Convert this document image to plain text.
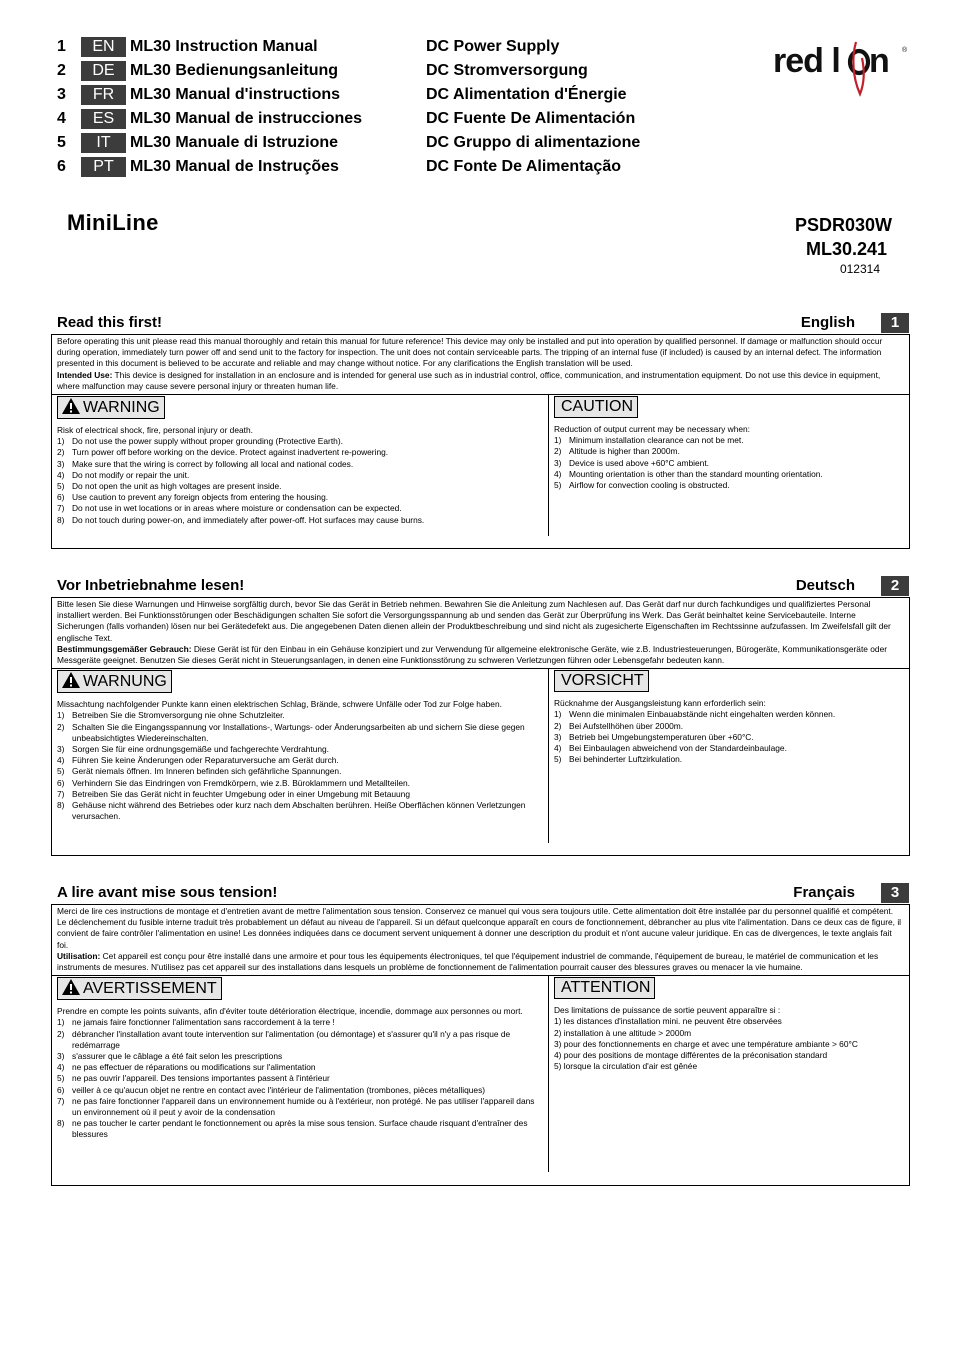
1	EN ML30 Instruction Manual	DC Power Supply
2	DE ML30 Bedienungsanleitung	DC Stromversorgung
3	FR ML30 Manual d'instructions	DC Alimentation d'Énergie
4	ES ML30 Manual de instrucciones	DC Fuente De Alimentación
5	IT	ML30 Manuale di Istruzione	DC Gruppo di alimentazione
6	PT	ML30 Manual de Instruções	DC Fonte De Alimentação
red l n ®
MiniLine	PSDR030W
ML30.241
012314
Read this first!	English	1

Before operating this unit please read this manual thoroughly and retain this manual for future reference! This device may only be installed and put into operation by qualified personnel. If damage or malfunction should occur during operation, immediately turn power off and send unit to the factory for inspection. The unit does not contain serviceable parts. The tripping of an internal fuse (if included) is caused by an internal defect. The information presented in this document is believed to be accurate and reliable and may change without notice. For any clarifications the English translation will be used.

Intended Use: This device is designed for installation in an enclosure and is intended for general use such as in industrial control, office, communication, and instrumentation equipment. Do not use this device in equipment, where malfunction may cause severe personal injury or threaten human life.

WARNING

Risk of electrical shock, fire, personal injury or death.

1) Do not use the power supply without proper grounding (Protective Earth).
2) Turn power off before working on the device. Protect against inadvertent re-powering.
3) Make sure that the wiring is correct by following all local and national codes.
4) Do not modify or repair the unit.
5) Do not open the unit as high voltages are present inside.
6) Use caution to prevent any foreign objects from entering the housing.
7) Do not use in wet locations or in areas where moisture or condensation can be expected.
8) Do not touch during power-on, and immediately after power-off. Hot surfaces may cause burns.
CAUTION

Reduction of output current may be necessary when:

1) Minimum installation clearance can not be met.
2) Altitude is higher than 2000m.
3) Device is used above +60°C ambient.
4) Mounting orientation is other than the standard mounting orientation.
5) Airflow for convection cooling is obstructed.
Vor Inbetriebnahme lesen!	Deutsch	2

Bitte lesen Sie diese Warnungen und Hinweise sorgfältig durch, bevor Sie das Gerät in Betrieb nehmen. Bewahren Sie die Anleitung zum Nachlesen auf. Das Gerät darf nur durch fachkundiges und qualifiziertes Personal installiert werden. Bei Funktionsstörungen oder Beschädigungen schalten Sie sofort die Versorgungsspannung ab und senden das Gerät zur Überprüfung ins Werk. Das Gerät beinhaltet keine Servicebauteile. Interne Sicherungen (falls vorhanden) lösen nur bei Gerätedefekt aus. Die angegebenen Daten dienen allein der Produktbeschreibung und sind nicht als zugesicherte Eigenschaften im Rechtssinne aufzufassen. Im Zweifelsfall gilt der englische Text.

Bestimmungsgemäßer Gebrauch: Diese Gerät ist für den Einbau in ein Gehäuse konzipiert und zur Verwendung für allgemeine elektronische Geräte, wie z.B. Industriesteuerungen, Bürogeräte, Kommunikationsgeräte oder Messgeräte geeignet. Benutzen Sie dieses Gerät nicht in Steuerungsanlagen, in denen eine Funktionsstörung zu schweren Verletzungen führen oder Lebensgefahr bedeuten kann.

WARNUNG

Missachtung nachfolgender Punkte kann einen elektrischen Schlag, Brände, schwere Unfälle oder Tod zur Folge haben.

1) Betreiben Sie die Stromversorgung nie ohne Schutzleiter.
2) Schalten Sie die Eingangsspannung vor Installations-, Wartungs- oder Änderungsarbeiten ab und sichern Sie diese gegen unbeabsichtigtes Wiedereinschalten.
3) Sorgen Sie für eine ordnungsgemäße und fachgerechte Verdrahtung.
4) Führen Sie keine Änderungen oder Reparaturversuche am Gerät durch.
5) Gerät niemals öffnen. Im Inneren befinden sich gefährliche Spannungen.
6) Verhindern Sie das Eindringen von Fremdkörpern, wie z.B. Büroklammern und Metallteilen.
7) Betreiben Sie das Gerät nicht in feuchter Umgebung oder in einer Umgebung mit Betauung
8) Gehäuse nicht während des Betriebes oder kurz nach dem Abschalten berühren. Heiße Oberflächen können Verletzungen verursachen.
VORSICHT

Rücknahme der Ausgangsleistung kann erforderlich sein:

1) Wenn die minimalen Einbauabstände nicht eingehalten werden können.
2) Bei Aufstellhöhen über 2000m.
3) Betrieb bei Umgebungstemperaturen über +60°C.
4) Bei Einbaulagen abweichend von der Standardeinbaulage.
5) Bei behinderter Luftzirkulation.
A lire avant mise sous tension!	Français	3

Merci de lire ces instructions de montage et d'entretien avant de mettre l'alimentation sous tension. Conservez ce manuel qui vous sera toujours utile. Cette alimentation doit être installée par du personnel qualifié et compétent. Le déclenchement du fusible interne traduit très probablement un défaut au niveau de l'appareil. Si un défaut quelconque apparaît en cours de fonctionnement, débrancher au plus vite l'alimentation. Dans ce deux cas de figure, il convient de faire contrôler l'alimentation en usine! Les données indiquées dans ce document servent uniquement à donner une description du produit et n'ont aucune valeur juridique. En cas de divergences, le texte anglais fait foi.

Utilisation: Cet appareil est conçu pour être installé dans une armoire et pour tous les équipements électroniques, tel que l'équipement industriel de commande, l'équipement de bureau, le matériel de communication et les instruments de mesures. N'utilisez pas cet appareil sur des installations dans lesquels un problème de fonctionnement de l'alimentation pourrait causer des blessures graves ou menacer la vie humaine.

AVERTISSEMENT

Prendre en compte les points suivants, afin d'éviter toute détérioration électrique, incendie, dommage aux personnes ou mort.

1) ne jamais faire fonctionner l'alimentation sans raccordement à la terre !
2) débrancher l'installation avant toute intervention sur l'alimentation (ou démontage) et s'assurer qu'il n'y a pas risque de redémarrage
3) s'assurer que le câblage a été fait selon les prescriptions
4) ne pas effectuer de réparations ou modifications sur l'alimentation
5) ne pas ouvrir l'appareil. Des tensions importantes passent à l'intérieur
6) veiller à ce qu'aucun objet ne rentre en contact avec l'intérieur de l'alimentation (trombones, pièces métalliques)
7) ne pas faire fonctionner l'appareil dans un environnement humide ou à l'extérieur, non protégé. Ne pas utiliser l'appareil dans un environnement où il peut y avoir de la condensation
8) ne pas toucher le carter pendant le fonctionnement ou après la mise sous tension. Surface chaude risquant d'entraîner des blessures
ATTENTION

Des limitations de puissance de sortie peuvent apparaître si :

1) les distances d'installation mini. ne peuvent être observées
2) installation à une altitude > 2000m
3) pour des fonctionnements en charge et avec une température ambiante > 60°C
4) pour des positions de montage différentes de la préconisation standard
5) lorsque la circulation d'air est gênée
